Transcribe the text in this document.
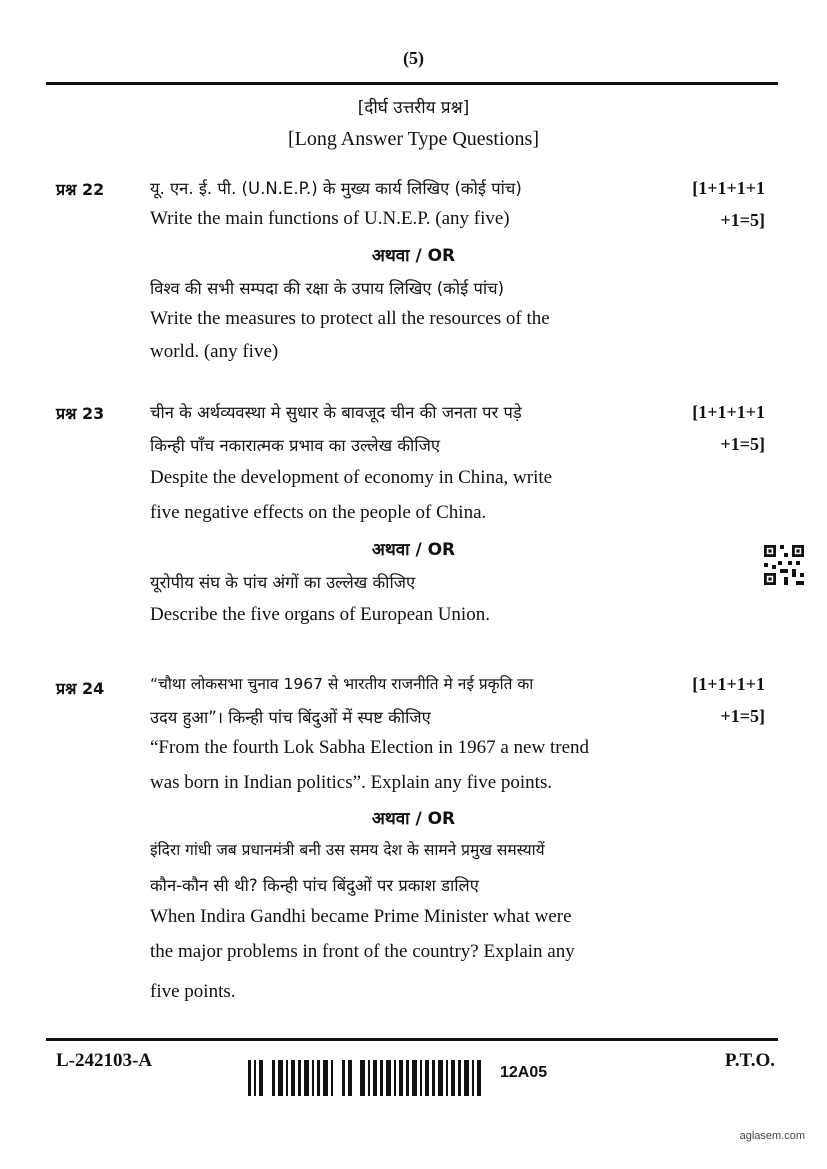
(5)
[दीर्घ उत्तरीय प्रश्न]
[Long Answer Type Questions]
प्रश्न 22	यू. एन. ई. पी. (U.N.E.P.) के मुख्य कार्य लिखिए (कोई पांच)
Write the main functions of U.N.E.P. (any five)
[1+1+1+1
+1=5]
अथवा / OR
विश्व की सभी सम्पदा की रक्षा के उपाय लिखिए (कोई पांच)
Write the measures to protect all the resources of the
world. (any five)
प्रश्न 23	चीन के अर्थव्यवस्था मे सुधार के बावजूद चीन की जनता पर पड़े
किन्ही पाँच नकारात्मक प्रभाव का उल्लेख कीजिए
Despite the development of economy in China, write
five negative effects on the people of China.
[1+1+1+1
+1=5]
अथवा / OR
यूरोपीय संघ के पांच अंगों का उल्लेख कीजिए
Describe the five organs of European Union.
प्रश्न 24	“चौथा लोकसभा चुनाव 1967 से भारतीय राजनीति मे नई प्रकृति का
उदय हुआ”। किन्ही पांच बिंदुओं में स्पष्ट कीजिए
“From the fourth Lok Sabha Election in 1967 a new trend
was born in Indian politics”. Explain any five points.
[1+1+1+1
+1=5]
अथवा / OR
इंदिरा गांधी जब प्रधानमंत्री बनी उस समय देश के सामने प्रमुख समस्यायें
कौन-कौन सी थी? किन्ही पांच बिंदुओं पर प्रकाश डालिए
When Indira Gandhi became Prime Minister what were
the major problems in front of the country? Explain any
five points.
L-242103-A
12A05
P.T.O.
aglasem.com
